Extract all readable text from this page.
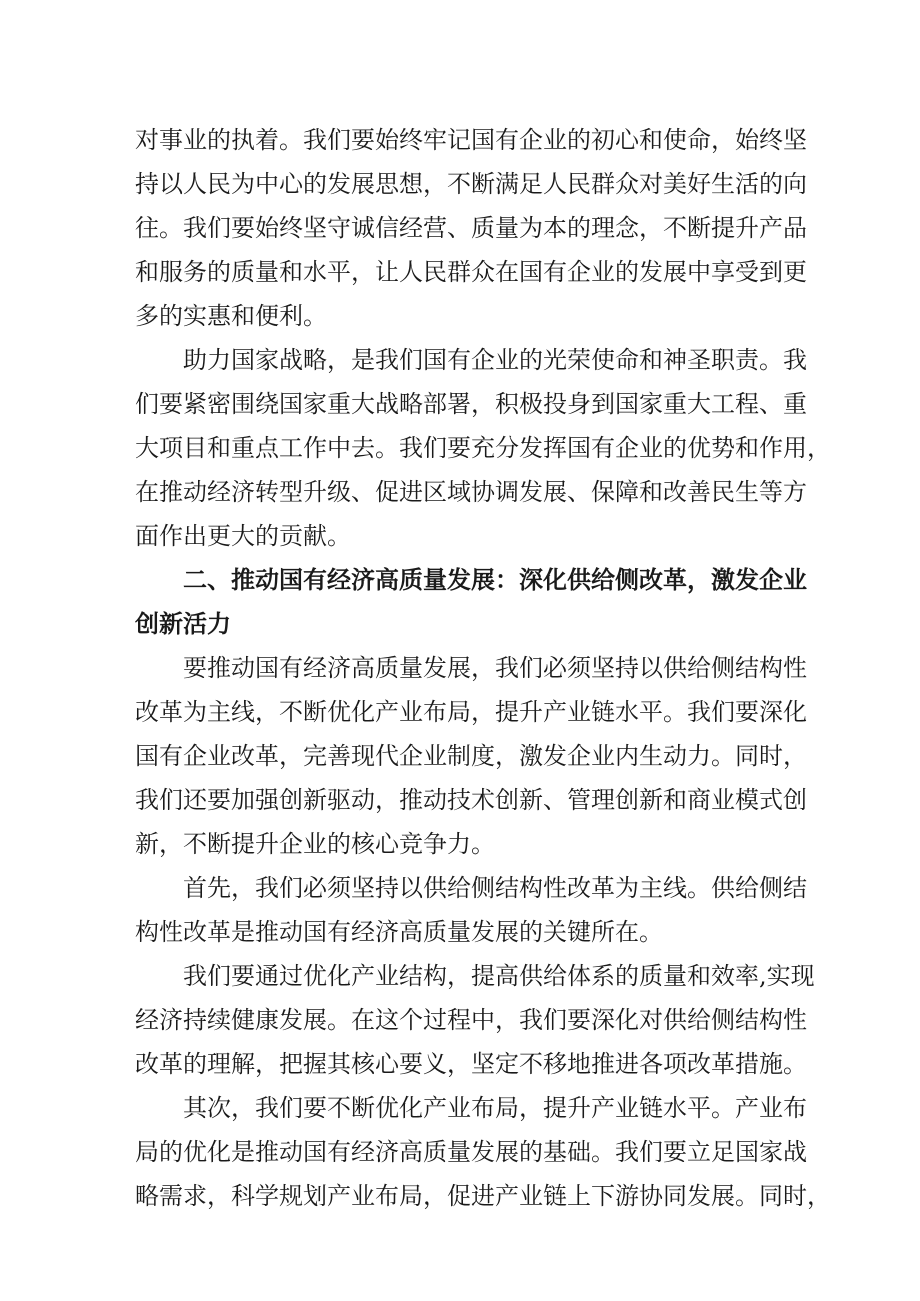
对事业的执着。我们要始终牢记国有企业的初心和使命，始终坚
持以人民为中心的发展思想，不断满足人民群众对美好生活的向
往。我们要始终坚守诚信经营、质量为本的理念，不断提升产品
和服务的质量和水平，让人民群众在国有企业的发展中享受到更
多的实惠和便利。
助力国家战略，是我们国有企业的光荣使命和神圣职责。我
们要紧密围绕国家重大战略部署，积极投身到国家重大工程、重
大项目和重点工作中去。我们要充分发挥国有企业的优势和作用，
在推动经济转型升级、促进区域协调发展、保障和改善民生等方
面作出更大的贡献。
二、推动国有经济高质量发展：深化供给侧改革，激发企业
创新活力
要推动国有经济高质量发展，我们必须坚持以供给侧结构性
改革为主线，不断优化产业布局，提升产业链水平。我们要深化
国有企业改革，完善现代企业制度，激发企业内生动力。同时，
我们还要加强创新驱动，推动技术创新、管理创新和商业模式创
新，不断提升企业的核心竞争力。
首先，我们必须坚持以供给侧结构性改革为主线。供给侧结
构性改革是推动国有经济高质量发展的关键所在。
我们要通过优化产业结构，提高供给体系的质量和效率,实现
经济持续健康发展。在这个过程中，我们要深化对供给侧结构性
改革的理解，把握其核心要义，坚定不移地推进各项改革措施。
其次，我们要不断优化产业布局，提升产业链水平。产业布
局的优化是推动国有经济高质量发展的基础。我们要立足国家战
略需求，科学规划产业布局，促进产业链上下游协同发展。同时，
